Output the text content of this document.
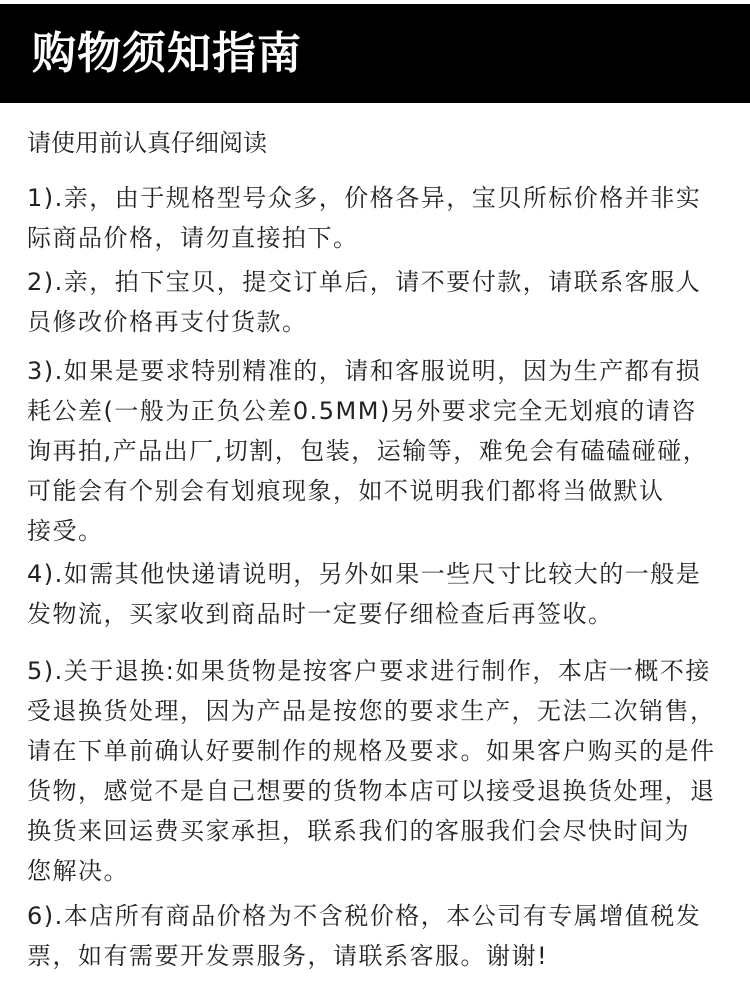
购物须知指南
请使用前认真仔细阅读
1).亲，由于规格型号众多，价格各异，宝贝所标价格并非实
际商品价格，请勿直接拍下。
2).亲，拍下宝贝，提交订单后，请不要付款，请联系客服人
员修改价格再支付货款。
3).如果是要求特别精准的，请和客服说明，因为生产都有损
耗公差(一般为正负公差0.5MM)另外要求完全无划痕的请咨
询再拍,产品出厂,切割，包装，运输等，难免会有磕磕碰碰，
可能会有个别会有划痕现象，如不说明我们都将当做默认
接受。
4).如需其他快递请说明，另外如果一些尺寸比较大的一般是
发物流，买家收到商品时一定要仔细检查后再签收。
5).关于退换:如果货物是按客户要求进行制作，本店一概不接
受退换货处理，因为产品是按您的要求生产，无法二次销售，
请在下单前确认好要制作的规格及要求。如果客户购买的是件
货物，感觉不是自己想要的货物本店可以接受退换货处理，退
换货来回运费买家承担，联系我们的客服我们会尽快时间为
您解决。
6).本店所有商品价格为不含税价格，本公司有专属增值税发
票，如有需要开发票服务，请联系客服。谢谢!
